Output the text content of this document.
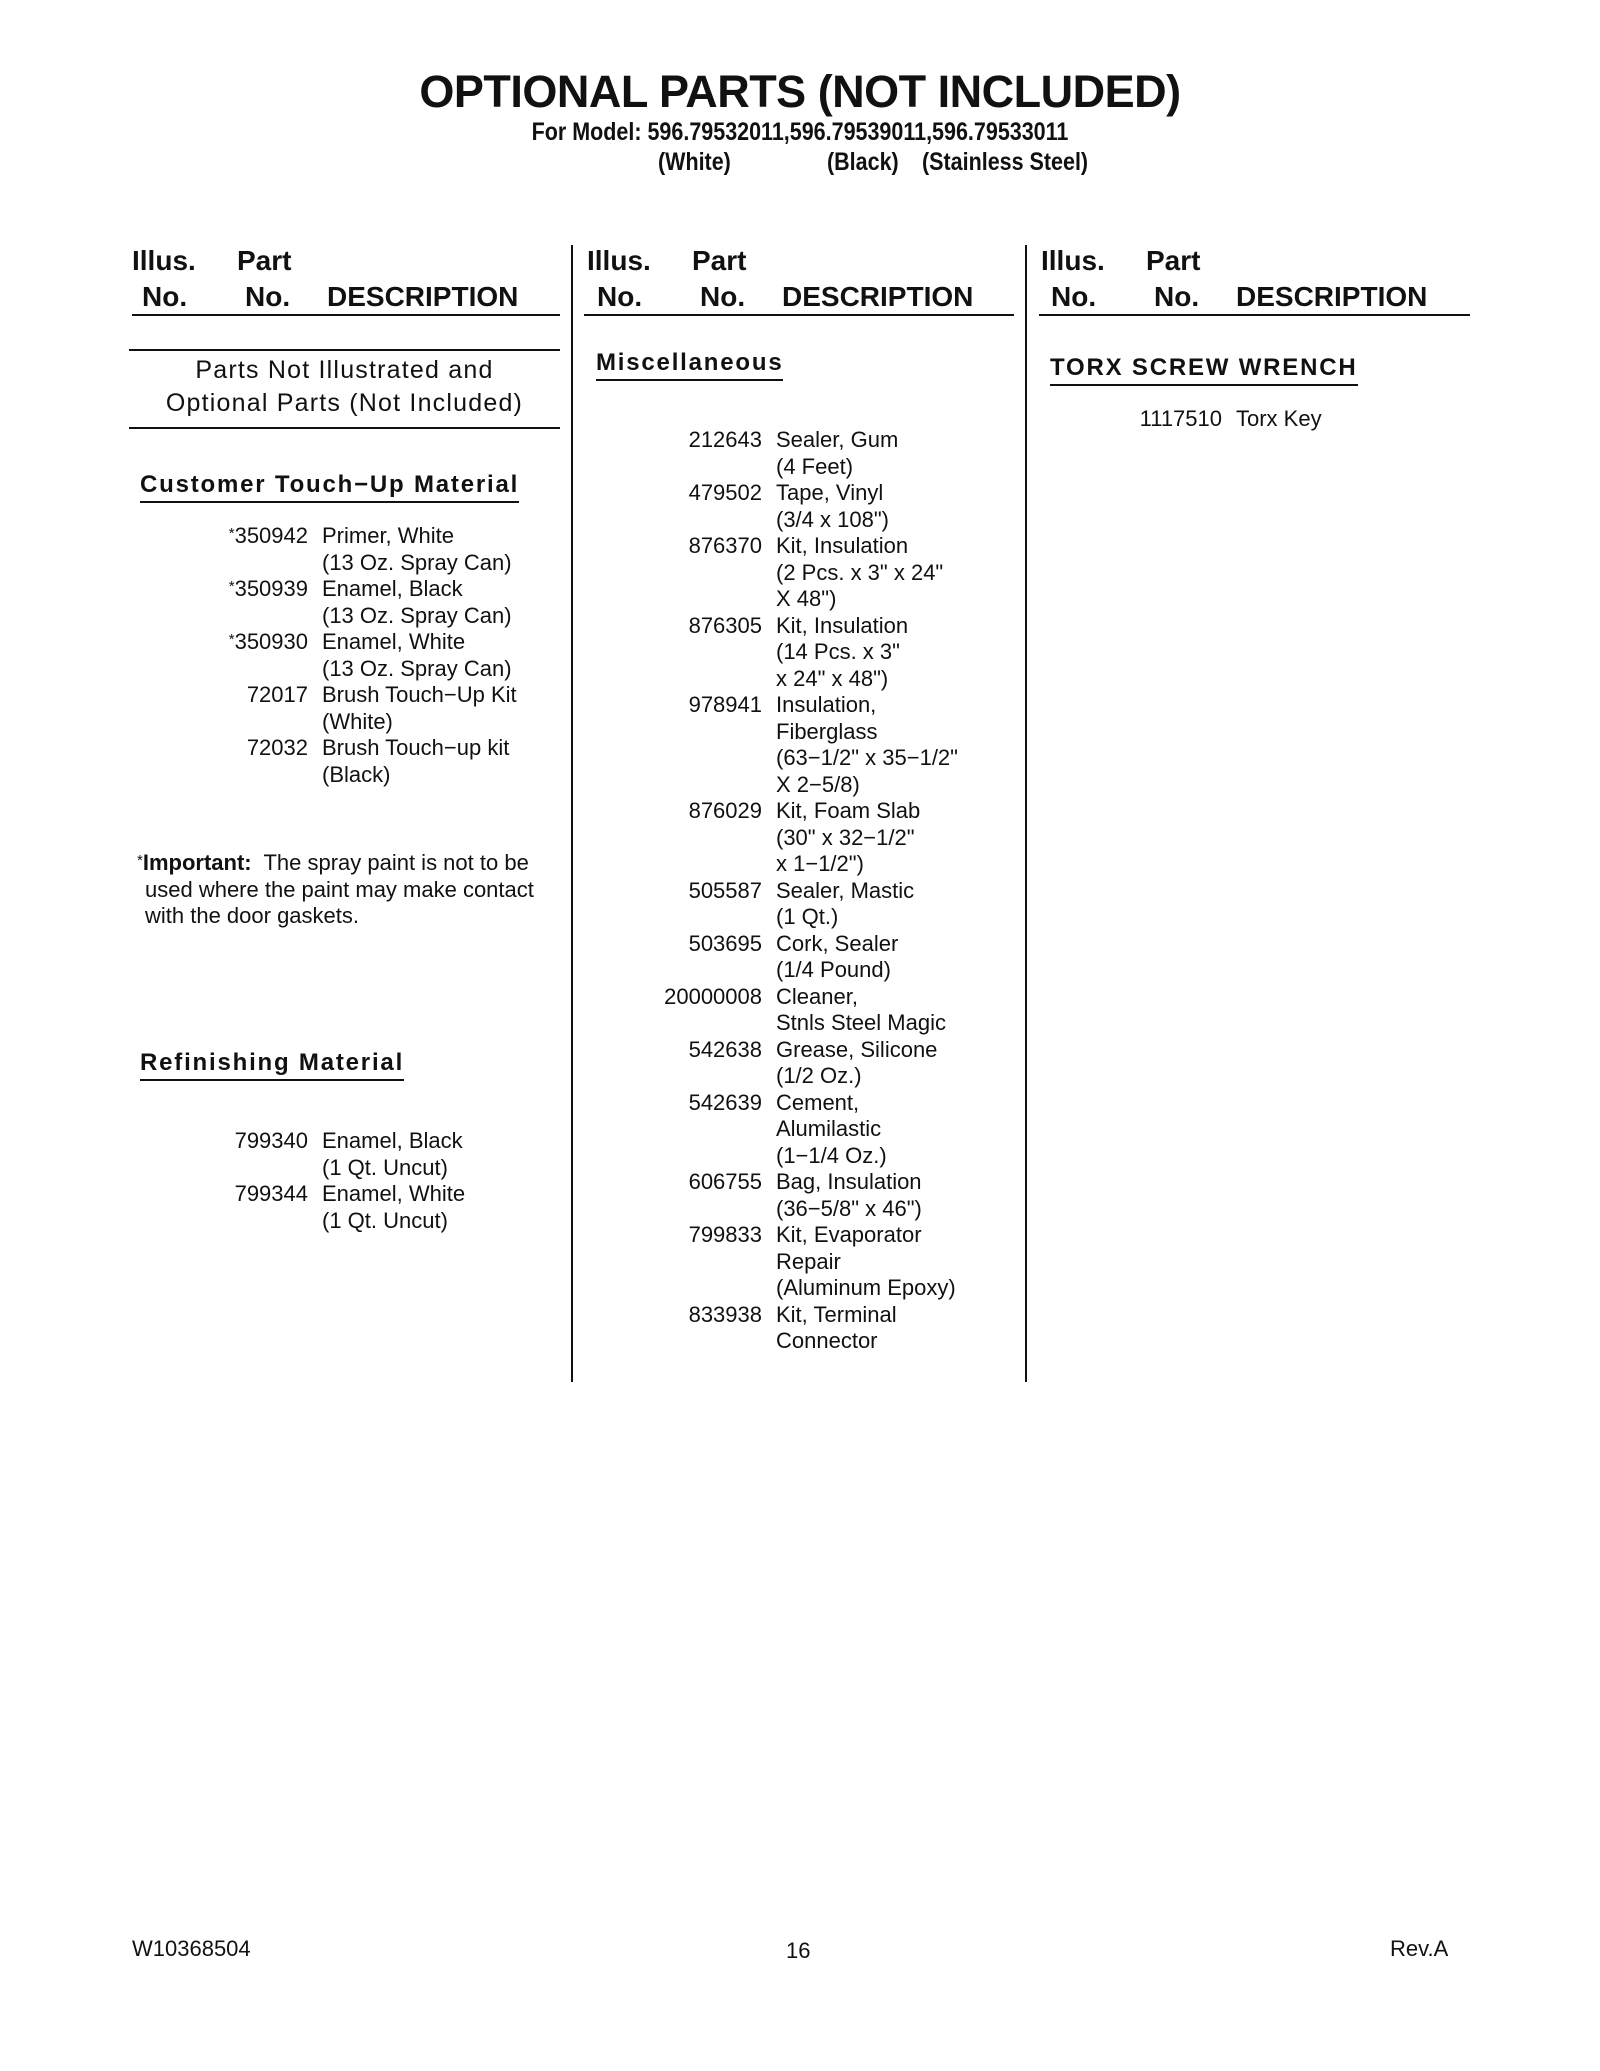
OPTIONAL PARTS (NOT INCLUDED)
For Model: 596.79532011,596.79539011,596.79533011
(White)	(Black) (Stainless Steel)
Illus. Part
No. No. DESCRIPTION
Illus. Part
No. No. DESCRIPTION
Illus. Part
No. No. DESCRIPTION
Parts Not Illustrated and
Optional Parts (Not Included)
Customer Touch−Up Material
*350942 Primer, White
(13 Oz. Spray Can)
*350939 Enamel, Black
(13 Oz. Spray Can)
*350930 Enamel, White
(13 Oz. Spray Can)
72017 Brush Touch−Up Kit
(White)
72032 Brush Touch−up kit
(Black)
*Important: The spray paint is not to be used where the paint may make contact with the door gaskets.
Refinishing Material
799340 Enamel, Black
(1 Qt. Uncut)
799344 Enamel, White
(1 Qt. Uncut)
Miscellaneous
212643 Sealer, Gum
(4 Feet)
479502 Tape, Vinyl
(3/4 x 108")
876370 Kit, Insulation
(2 Pcs. x 3" x 24"
X 48")
876305 Kit, Insulation
(14 Pcs. x 3"
x 24" x 48")
978941 Insulation,
Fiberglass
(63−1/2" x 35−1/2"
X 2−5/8)
876029 Kit, Foam Slab
(30" x 32−1/2"
x 1−1/2")
505587 Sealer, Mastic
(1 Qt.)
503695 Cork, Sealer
(1/4 Pound)
20000008 Cleaner,
Stnls Steel Magic
542638 Grease, Silicone
(1/2 Oz.)
542639 Cement,
Alumilastic
(1−1/4 Oz.)
606755 Bag, Insulation
(36−5/8" x 46")
799833 Kit, Evaporator
Repair
(Aluminum Epoxy)
833938 Kit, Terminal
Connector
TORX SCREW WRENCH
1117510 Torx Key
W10368504	16	Rev.A
